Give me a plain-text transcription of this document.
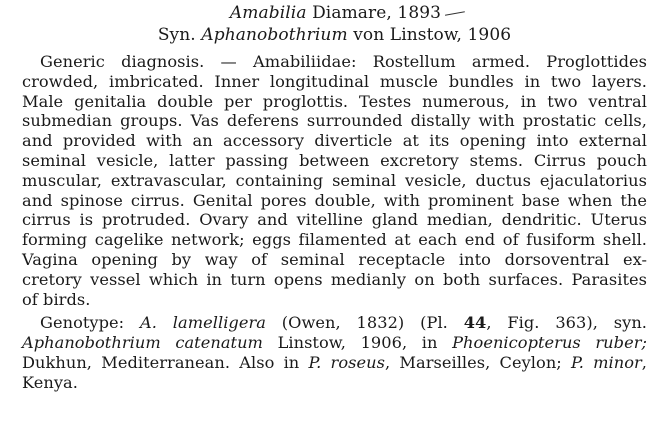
Amabilia Diamare, 1893
Syn. Aphanobothrium von Linstow, 1906
Generic diagnosis. — Amabiliidae: Rostellum armed. Proglottides
crowded, imbricated. Inner longitudinal muscle bundles in two layers.
Male genitalia double per proglottis. Testes numerous, in two ventral
submedian groups. Vas deferens surrounded distally with prostatic cells,
and provided with an accessory diverticle at its opening into external
seminal vesicle, latter passing between excretory stems. Cirrus pouch
muscular, extravascular, containing seminal vesicle, ductus ejaculatorius
and spinose cirrus. Genital pores double, with prominent base when the
cirrus is protruded. Ovary and vitelline gland median, dendritic. Uterus
forming cagelike network; eggs filamented at each end of fusiform shell.
Vagina opening by way of seminal receptacle into dorsoventral ex-
cretory vessel which in turn opens medianly on both surfaces. Parasites
of birds.
Genotype: A. lamelligera (Owen, 1832) (Pl. 44, Fig. 363), syn.
Aphanobothrium catenatum Linstow, 1906, in Phoenicopterus ruber;
Dukhun, Mediterranean. Also in P. roseus, Marseilles, Ceylon; P. minor,
Kenya.
